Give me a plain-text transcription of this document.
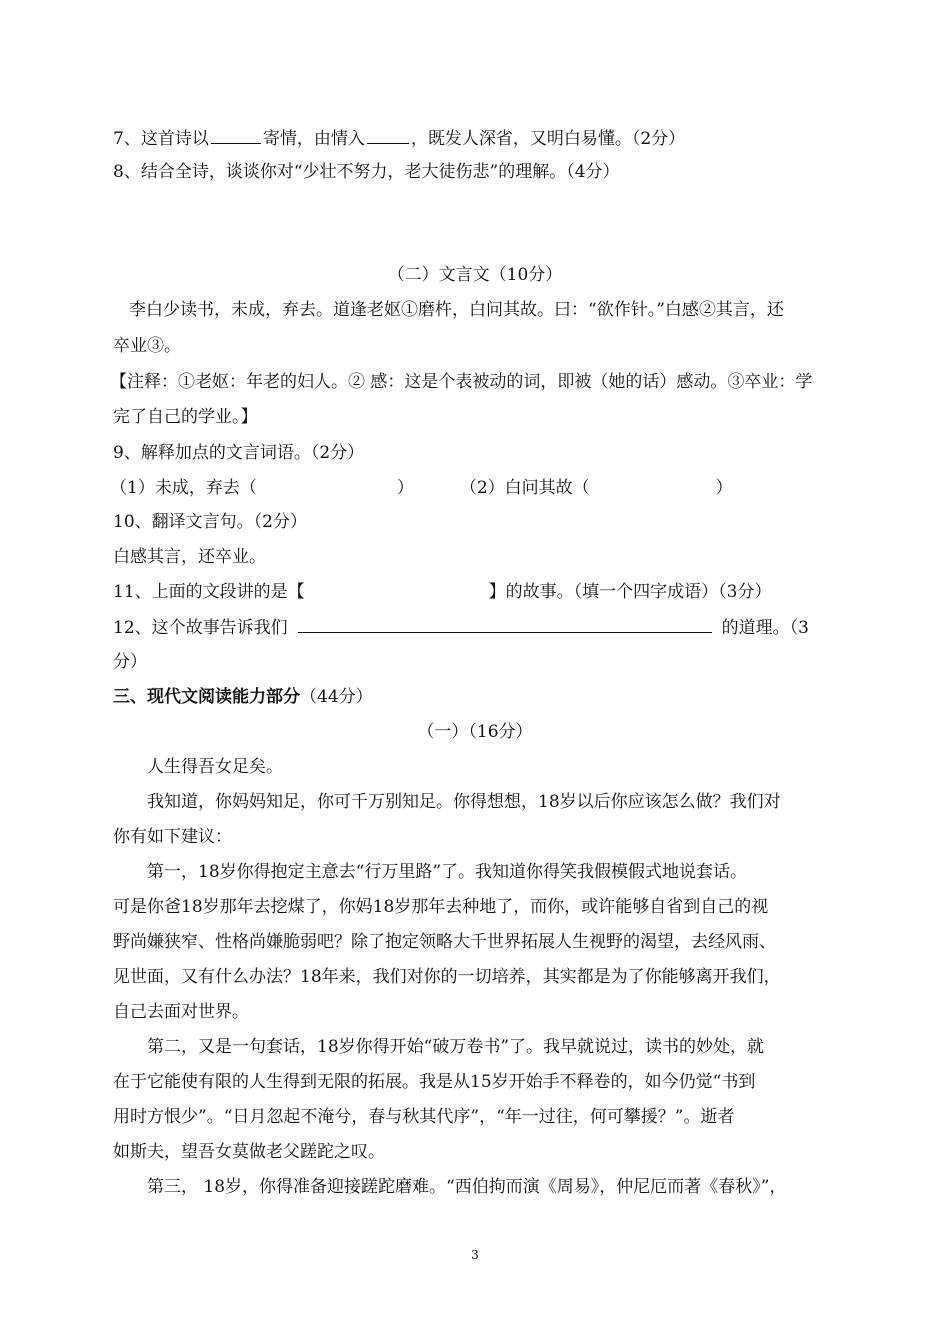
7、这首诗以	寄情，由情入	，既发人深省，又明白易懂。（2分）
8、结合全诗，谈谈你对“少壮不努力，老大徒伤悲”的理解。（4分）
（二）文言文（10分）
李白少读书，未成，弃去。道逢老妪①磨杵，白问其故。曰：“欲作针。”白感②其言，还
卒业③。
【注释：①老妪：年老的妇人。② 感：这是个表被动的词，即被（她的话）感动。③卒业：学
完了自己的学业。】
9、解释加点的文言词语。（2分）
（1）未成，弃去（	）	（2）白问其故（	）
10、翻译文言句。（2分）
白感其言，还卒业。
11、上面的文段讲的是【	】的故事。（填一个四字成语）（3分）
12、这个故事告诉我们	的道理。（3
分）
三、现代文阅读能力部分（44分）
（一）（16分）
人生得吾女足矣。
我知道，你妈妈知足，你可千万别知足。你得想想，18岁以后你应该怎么做？我们对
你有如下建议：
第一，18岁你得抱定主意去“行万里路”了。我知道你得笑我假模假式地说套话。
可是你爸18岁那年去挖煤了，你妈18岁那年去种地了，而你，或许能够自省到自己的视
野尚嫌狭窄、性格尚嫌脆弱吧？除了抱定领略大千世界拓展人生视野的渴望，去经风雨、
见世面，又有什么办法？18年来，我们对你的一切培养，其实都是为了你能够离开我们，
自己去面对世界。
第二，又是一句套话，18岁你得开始“破万卷书”了。我早就说过，读书的妙处，就
在于它能使有限的人生得到无限的拓展。我是从15岁开始手不释卷的，如今仍觉“书到
用时方恨少”。“日月忽起不淹兮，春与秋其代序”，“年一过往，何可攀援？”。逝者
如斯夫，望吾女莫做老父蹉跎之叹。
第三， 18岁，你得准备迎接蹉跎磨难。“西伯拘而演《周易》，仲尼厄而著《春秋》”，
3
